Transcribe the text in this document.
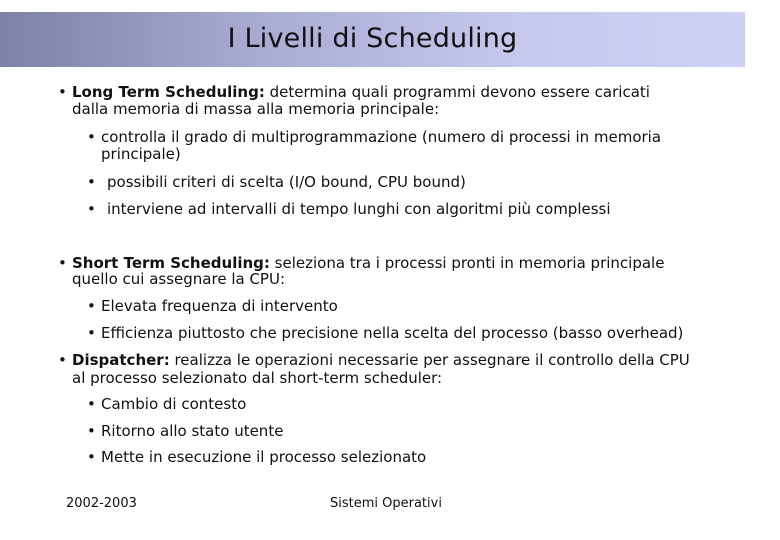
I Livelli di Scheduling
• Long Term Scheduling: determina quali programmi devono essere caricati
dalla memoria di massa alla memoria principale:
• controlla il grado di multiprogrammazione (numero di processi in memoria
principale)
• possibili criteri di scelta (I/O bound, CPU bound)
• interviene ad intervalli di tempo lunghi con algoritmi più complessi
• Short Term Scheduling: seleziona tra i processi pronti in memoria principale
quello cui assegnare la CPU:
• Elevata frequenza di intervento
• Efficienza piuttosto che precisione nella scelta del processo (basso overhead)
• Dispatcher: realizza le operazioni necessarie per assegnare il controllo della CPU
al processo selezionato dal short-term scheduler:
• Cambio di contesto
• Ritorno allo stato utente
• Mette in esecuzione il processo selezionato
2002-2003	Sistemi Operativi
